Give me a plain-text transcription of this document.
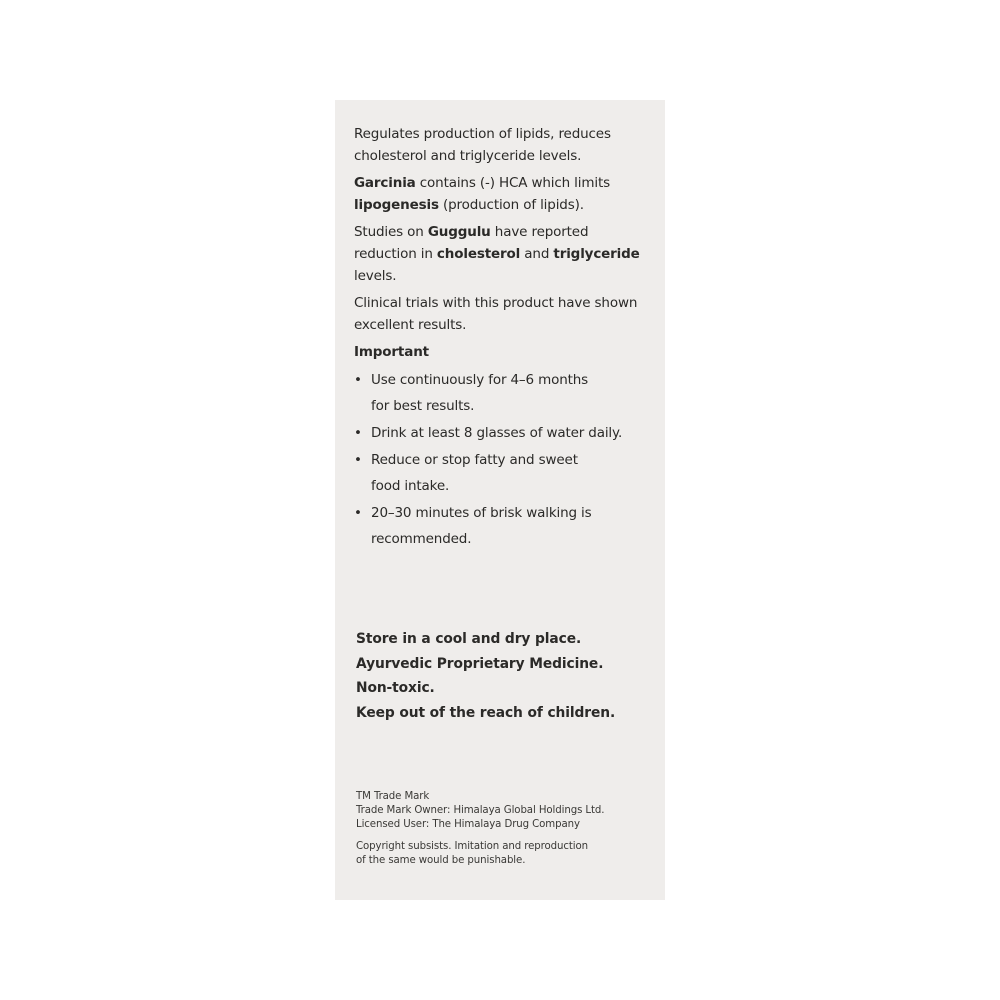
Regulates production of lipids, reduces cholesterol and triglyceride levels.

Garcinia contains (-) HCA which limits lipogenesis (production of lipids).

Studies on Guggulu have reported reduction in cholesterol and triglyceride levels.

Clinical trials with this product have shown excellent results.

Important
• Use continuously for 4–6 months
for best results.
• Drink at least 8 glasses of water daily.
• Reduce or stop fatty and sweet
food intake.
• 20–30 minutes of brisk walking is
recommended.
Store in a cool and dry place.
Ayurvedic Proprietary Medicine.
Non-toxic.
Keep out of the reach of children.
TM Trade Mark
Trade Mark Owner: Himalaya Global Holdings Ltd.
Licensed User: The Himalaya Drug Company
Copyright subsists. Imitation and reproduction
of the same would be punishable.
